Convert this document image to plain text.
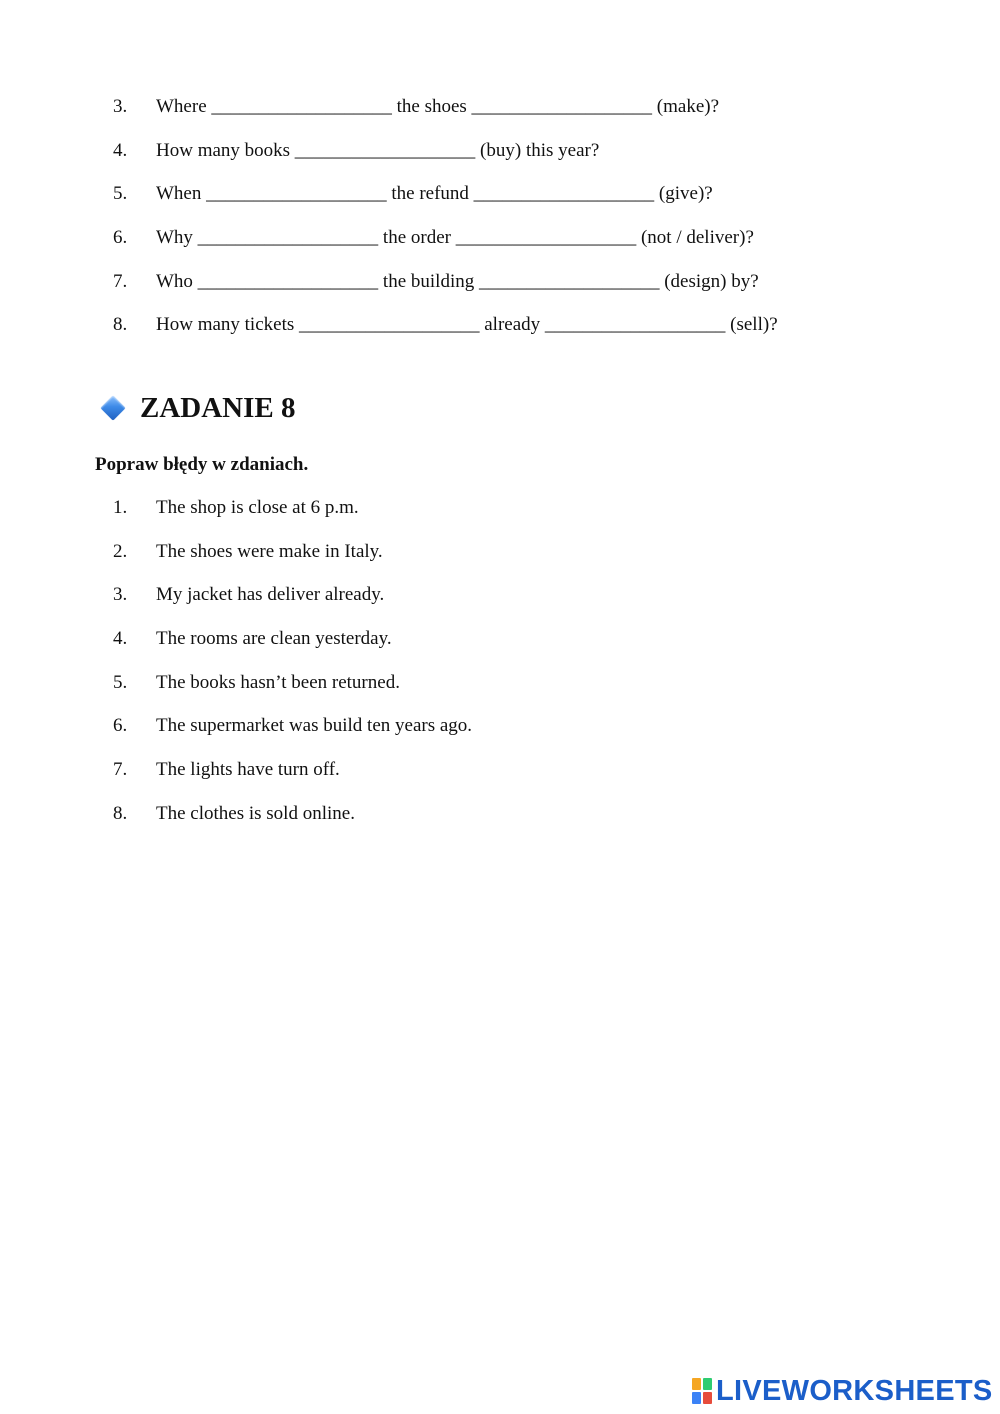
3.	Where ___________________ the shoes ___________________ (make)?
4.	How many books ___________________ (buy) this year?
5.	When ___________________ the refund ___________________ (give)?
6.	Why ___________________ the order ___________________ (not / deliver)?
7.	Who ___________________ the building ___________________ (design) by?
8.	How many tickets ___________________ already ___________________ (sell)?
ZADANIE 8
Popraw błędy w zdaniach.
1.	The shop is close at 6 p.m.
2.	The shoes were make in Italy.
3.	My jacket has deliver already.
4.	The rooms are clean yesterday.
5.	The books hasn’t been returned.
6.	The supermarket was build ten years ago.
7.	The lights have turn off.
8.	The clothes is sold online.
LIVEWORKSHEETS
